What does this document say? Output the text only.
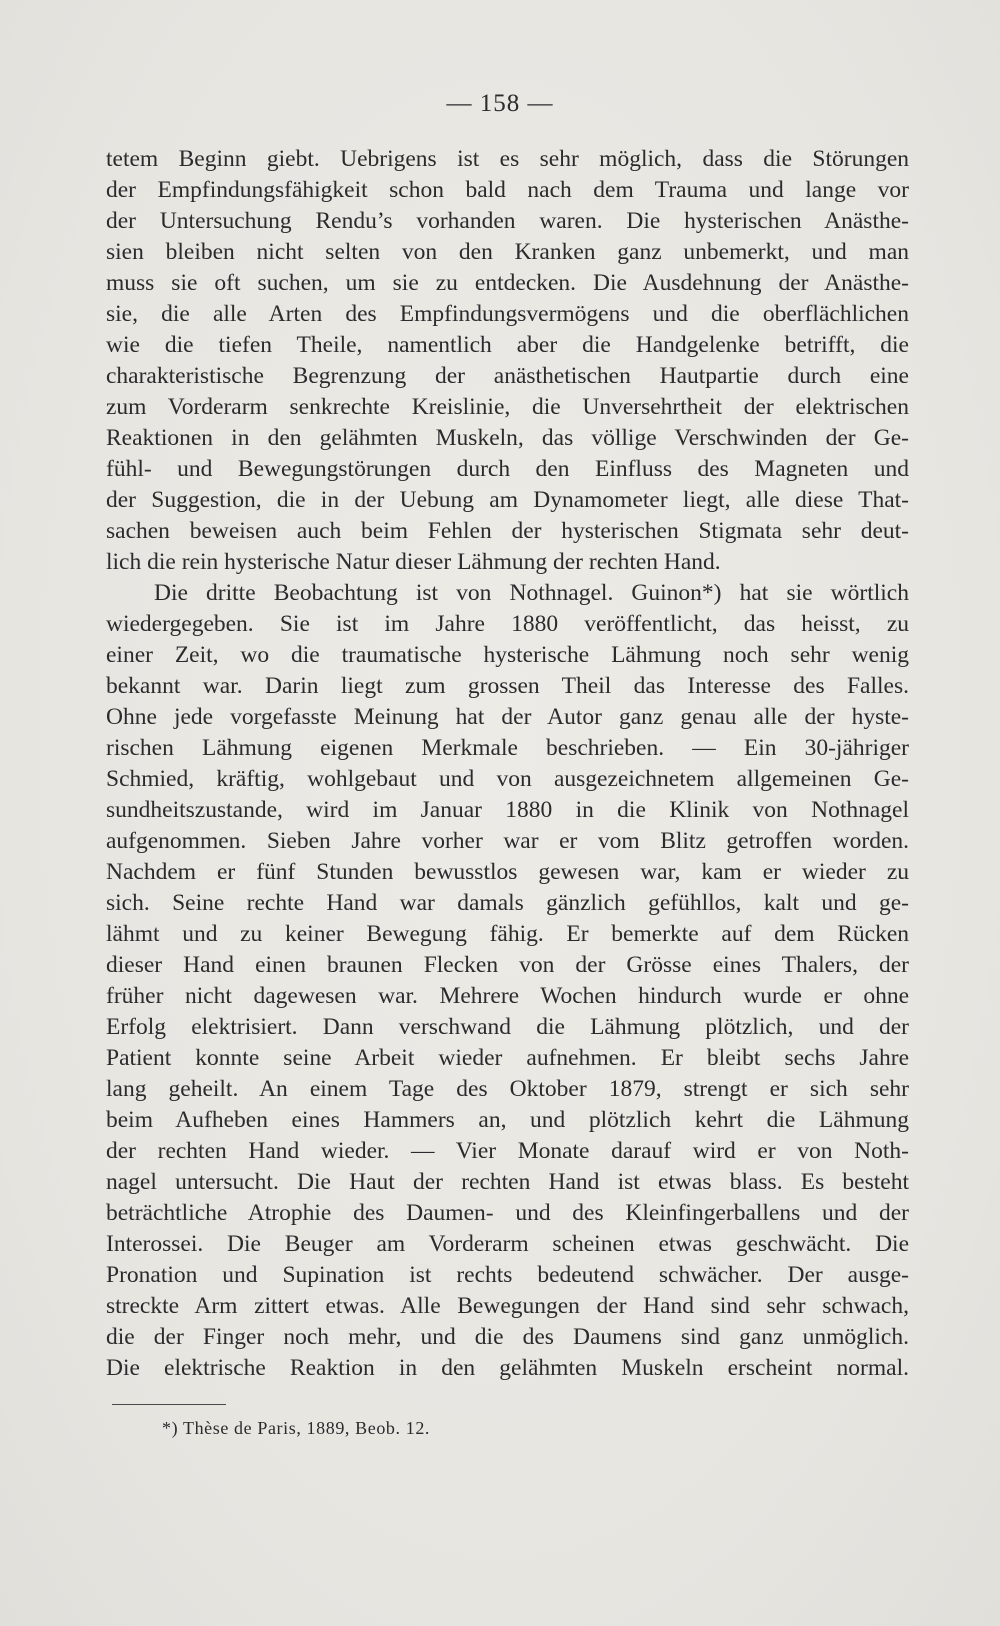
— 158 —
tetem Beginn giebt. Uebrigens ist es sehr möglich, dass die Störungen
der Empfindungsfähigkeit schon bald nach dem Trauma und lange vor
der Untersuchung Rendu’s vorhanden waren. Die hysterischen Anästhe-
sien bleiben nicht selten von den Kranken ganz unbemerkt, und man
muss sie oft suchen, um sie zu entdecken. Die Ausdehnung der Anästhe-
sie, die alle Arten des Empfindungsvermögens und die oberflächlichen
wie die tiefen Theile, namentlich aber die Handgelenke betrifft, die
charakteristische Begrenzung der anästhetischen Hautpartie durch eine
zum Vorderarm senkrechte Kreislinie, die Unversehrtheit der elektrischen
Reaktionen in den gelähmten Muskeln, das völlige Verschwinden der Ge-
fühl- und Bewegungstörungen durch den Einfluss des Magneten und
der Suggestion, die in der Uebung am Dynamometer liegt, alle diese That-
sachen beweisen auch beim Fehlen der hysterischen Stigmata sehr deut-
lich die rein hysterische Natur dieser Lähmung der rechten Hand.
Die dritte Beobachtung ist von Nothnagel. Guinon*) hat sie wörtlich
wiedergegeben. Sie ist im Jahre 1880 veröffentlicht, das heisst, zu
einer Zeit, wo die traumatische hysterische Lähmung noch sehr wenig
bekannt war. Darin liegt zum grossen Theil das Interesse des Falles.
Ohne jede vorgefasste Meinung hat der Autor ganz genau alle der hyste-
rischen Lähmung eigenen Merkmale beschrieben. — Ein 30-jähriger
Schmied, kräftig, wohlgebaut und von ausgezeichnetem allgemeinen Ge-
sundheitszustande, wird im Januar 1880 in die Klinik von Nothnagel
aufgenommen. Sieben Jahre vorher war er vom Blitz getroffen worden.
Nachdem er fünf Stunden bewusstlos gewesen war, kam er wieder zu
sich. Seine rechte Hand war damals gänzlich gefühllos, kalt und ge-
lähmt und zu keiner Bewegung fähig. Er bemerkte auf dem Rücken
dieser Hand einen braunen Flecken von der Grösse eines Thalers, der
früher nicht dagewesen war. Mehrere Wochen hindurch wurde er ohne
Erfolg elektrisiert. Dann verschwand die Lähmung plötzlich, und der
Patient konnte seine Arbeit wieder aufnehmen. Er bleibt sechs Jahre
lang geheilt. An einem Tage des Oktober 1879, strengt er sich sehr
beim Aufheben eines Hammers an, und plötzlich kehrt die Lähmung
der rechten Hand wieder. — Vier Monate darauf wird er von Noth-
nagel untersucht. Die Haut der rechten Hand ist etwas blass. Es besteht
beträchtliche Atrophie des Daumen- und des Kleinfingerballens und der
Interossei. Die Beuger am Vorderarm scheinen etwas geschwächt. Die
Pronation und Supination ist rechts bedeutend schwächer. Der ausge-
streckte Arm zittert etwas. Alle Bewegungen der Hand sind sehr schwach,
die der Finger noch mehr, und die des Daumens sind ganz unmöglich.
Die elektrische Reaktion in den gelähmten Muskeln erscheint normal.
*) Thèse de Paris, 1889, Beob. 12.
